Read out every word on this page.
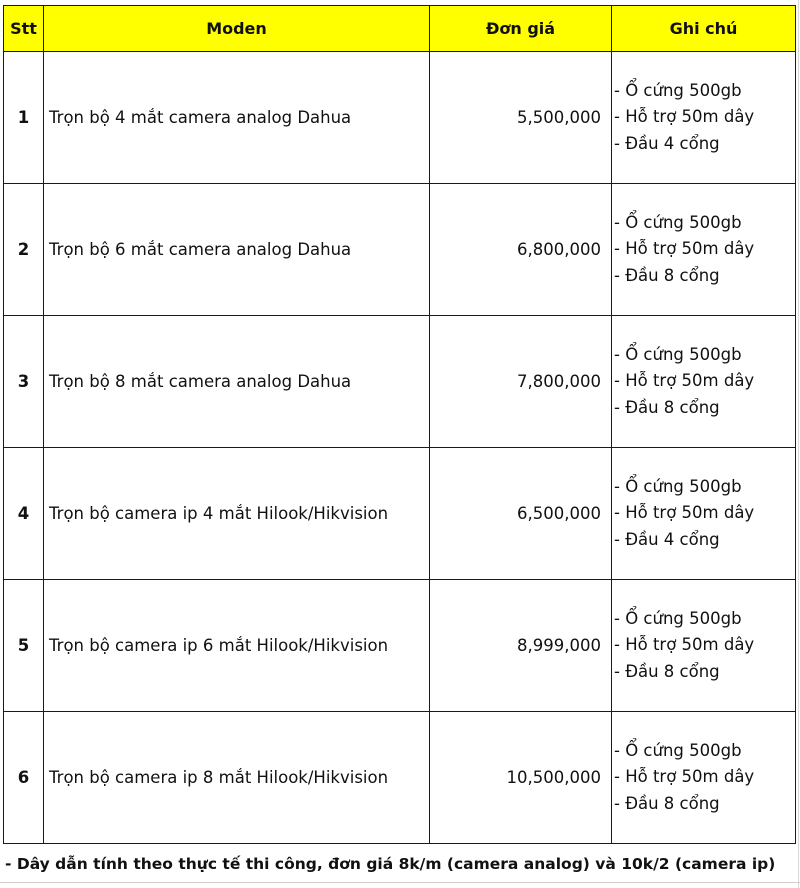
Stt	Moden	Đơn giá	Ghi chú
1	Trọn bộ 4 mắt camera analog Dahua	5,500,000	- Ổ cứng 500gb
- Hỗ trợ 50m dây
- Đầu 4 cổng

2	Trọn bộ 6 mắt camera analog Dahua	6,800,000	- Ổ cứng 500gb
- Hỗ trợ 50m dây
- Đầu 8 cổng

3	Trọn bộ 8 mắt camera analog Dahua	7,800,000	- Ổ cứng 500gb
- Hỗ trợ 50m dây
- Đầu 8 cổng

4	Trọn bộ camera ip 4 mắt Hilook/Hikvision	6,500,000	- Ổ cứng 500gb
- Hỗ trợ 50m dây
- Đầu 4 cổng

5	Trọn bộ camera ip 6 mắt Hilook/Hikvision	8,999,000	- Ổ cứng 500gb
- Hỗ trợ 50m dây
- Đầu 8 cổng

6	Trọn bộ camera ip 8 mắt Hilook/Hikvision	10,500,000	- Ổ cứng 500gb
- Hỗ trợ 50m dây
- Đầu 8 cổng
- Dây dẫn tính theo thực tế thi công, đơn giá 8k/m (camera analog) và 10k/2 (camera ip)
